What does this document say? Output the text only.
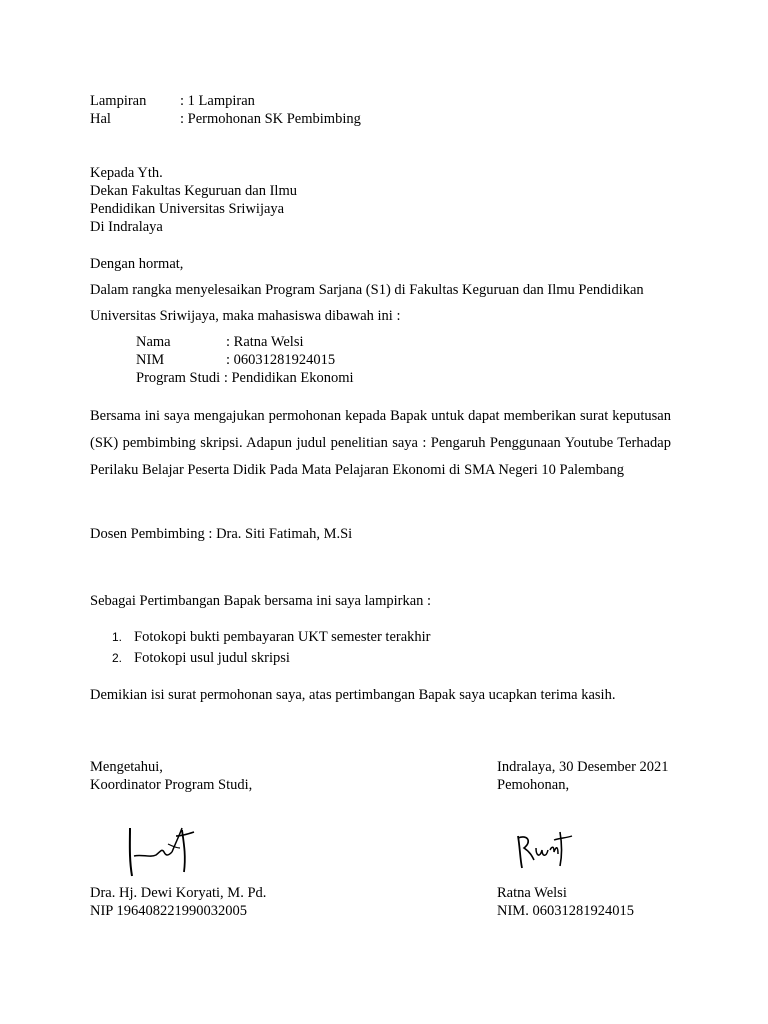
Lampiran : 1 Lampiran
Hal	: Permohonan SK Pembimbing
Kepada Yth.
Dekan Fakultas Keguruan dan Ilmu
Pendidikan Universitas Sriwijaya
Di Indralaya
Dengan hormat,
Dalam rangka menyelesaikan Program Sarjana (S1) di Fakultas Keguruan dan Ilmu Pendidikan
Universitas Sriwijaya, maka mahasiswa dibawah ini :
Nama	: Ratna Welsi
NIM	: 06031281924015
Program Studi : Pendidikan Ekonomi
Bersama ini saya mengajukan permohonan kepada Bapak untuk dapat memberikan surat keputusan (SK) pembimbing skripsi. Adapun judul penelitian saya : Pengaruh Penggunaan Youtube Terhadap Perilaku Belajar Peserta Didik Pada Mata Pelajaran Ekonomi di SMA Negeri 10 Palembang
Dosen Pembimbing : Dra. Siti Fatimah, M.Si
Sebagai Pertimbangan Bapak bersama ini saya lampirkan :
1. Fotokopi bukti pembayaran UKT semester terakhir
2. Fotokopi usul judul skripsi
Demikian isi surat permohonan saya, atas pertimbangan Bapak saya ucapkan terima kasih.
Mengetahui,
Koordinator Program Studi,
Dra. Hj. Dewi Koryati, M. Pd.
NIP 196408221990032005
Indralaya, 30 Desember 2021
Pemohonan,
Ratna Welsi
NIM. 06031281924015
